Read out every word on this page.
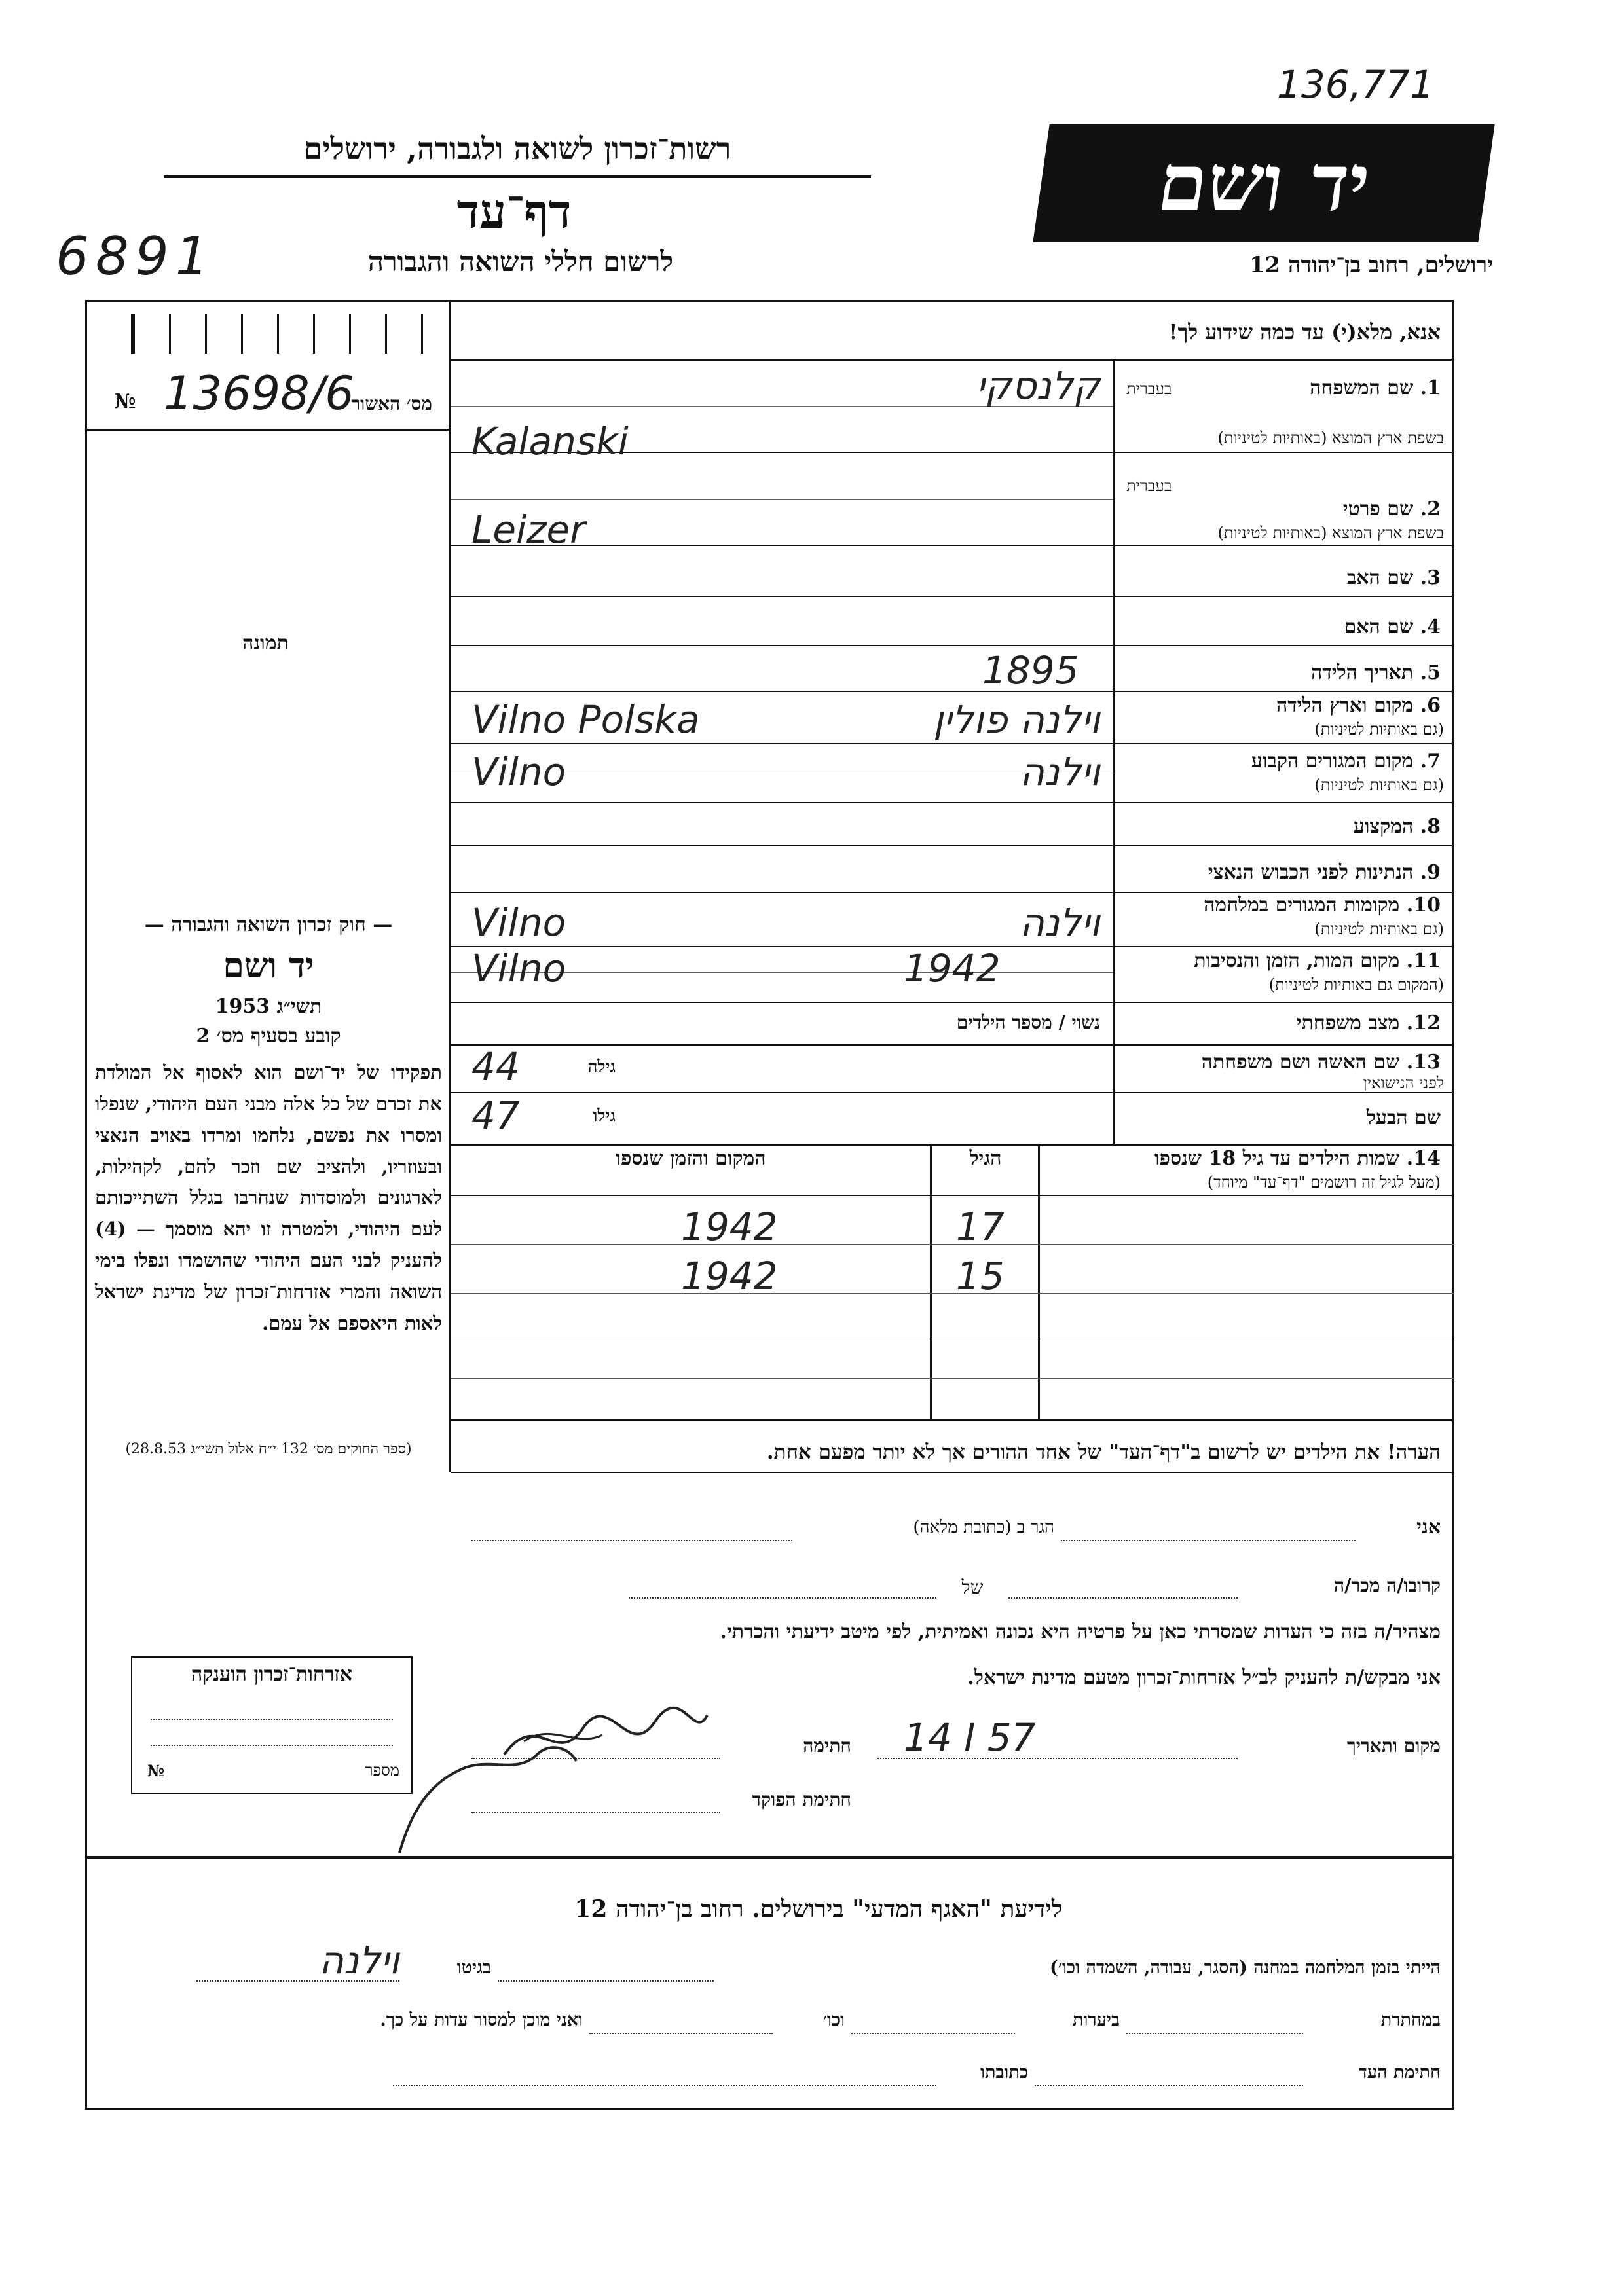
136,771
6891
יד ושם
ירושלים, רחוב בן־יהודה 12
רשות־זכרון לשואה ולגבורה, ירושלים
דף־עד
לרשום חללי השואה והגבורה
אנא, מלא(י) עד כמה שידוע לך!
מס׳ האשור
№ 13698/6
תמונה
1. שם המשפחה
בעברית
בשפת ארץ המוצא (באותיות לטיניות)
קלנסקי
Kalanski
2. שם פרטי
בעברית
בשפת ארץ המוצא (באותיות לטיניות)
Leizer
3. שם האב
4. שם האם
5. תאריך הלידה
1895
6. מקום וארץ הלידה
(גם באותיות לטיניות)
וילנה פולין
Vilno Polska
7. מקום המגורים הקבוע
(גם באותיות לטיניות)
וילנה
Vilno
8. המקצוע
9. הנתינות לפני הכבוש הנאצי
10. מקומות המגורים במלחמה
(גם באותיות לטיניות)
וילנה
Vilno
11. מקום המות, הזמן והנסיבות
(המקום גם באותיות לטיניות)
1942
Vilno
12. מצב משפחתי
נשוי / מספר הילדים
13. שם האשה ושם משפחתה
לפני הנישואין
גילה
44
שם הבעל
גילו
47
14. שמות הילדים עד גיל 18 שנספו
(מעל לגיל זה רושמים "דף־עד" מיוחד)
הגיל
המקום והזמן שנספו
17
1942
15
1942
הערה! את הילדים יש לרשום ב"דף־העד" של אחד ההורים אך לא יותר מפעם אחת.
— חוק זכרון השואה והגבורה —
יד ושם
תשי״ג 1953
קובע בסעיף מס׳ 2
תפקידו של יד־ושם הוא לאסוף אל המולדת את זכרם של כל אלה מבני העם היהודי, שנפלו ומסרו את נפשם, נלחמו ומרדו באויב הנאצי ובעוזריו, ולהציב שם וזכר להם, לקהילות, לארגונים ולמוסדות שנחרבו בגלל השתייכותם לעם היהודי, ולמטרה זו יהא מוסמך — (4) להעניק לבני העם היהודי שהושמדו ונפלו בימי השואה והמרי אזרחות־זכרון של מדינת ישראל לאות היאספם אל עמם.
(ספר החוקים מס׳ 132 י״ח אלול תשי״ג 28.8.53)
אני
הגר ב (כתובת מלאה)
קרובו/ה מכר/ה
של
מצהיר/ה בזה כי העדות שמסרתי כאן על פרטיה היא נכונה ואמיתית, לפי מיטב ידיעתי והכרתי.
אני מבקש/ת להעניק לב״ל אזרחות־זכרון מטעם מדינת ישראל.
מקום ותאריך
14 I 57
חתימה
חתימת הפוקד
אזרחות־זכרון הוענקה
מספר
№
לידיעת "האגף המדעי" בירושלים. רחוב בן־יהודה 12
הייתי בזמן המלחמה במחנה (הסגר, עבודה, השמדה וכו׳)
בגיטו
וילנה
במחתרת
ביערות
וכו׳
ואני מוכן למסור עדות על כך.
חתימת העד
כתובתו
